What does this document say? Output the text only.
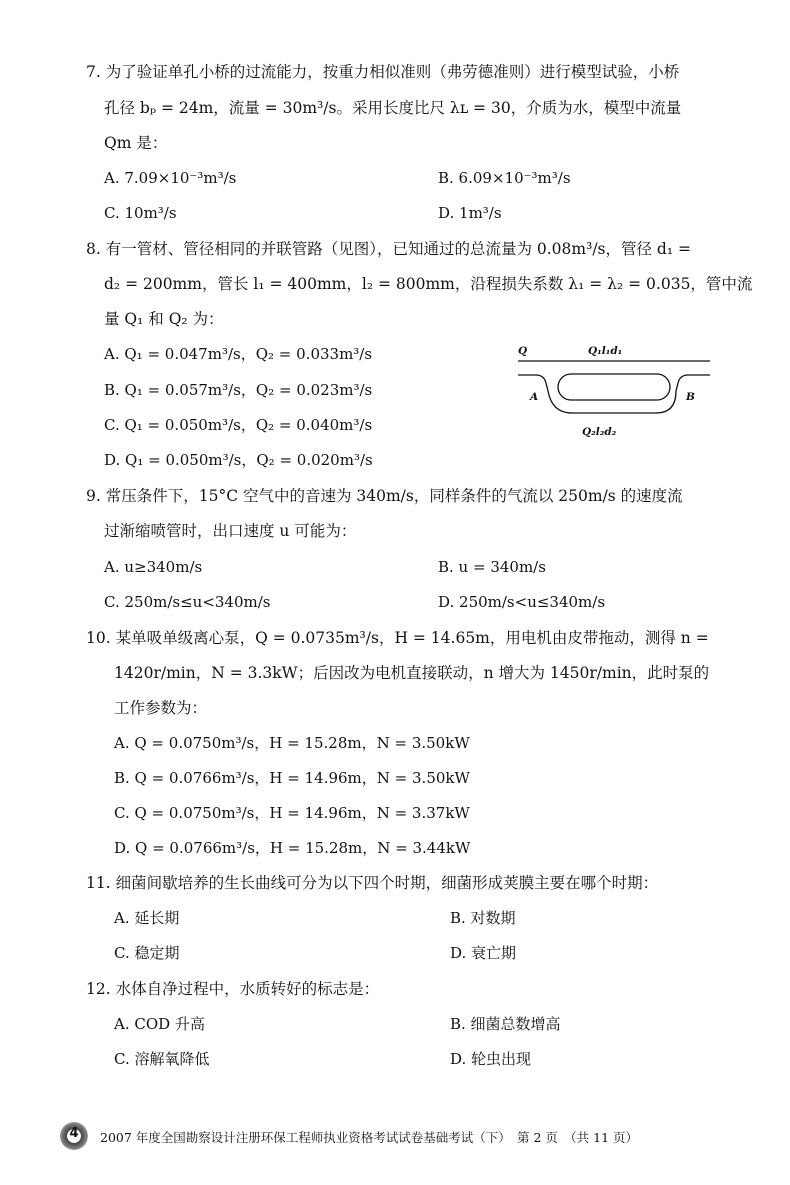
7. 为了验证单孔小桥的过流能力，按重力相似准则（弗劳德准则）进行模型试验，小桥
孔径 bₚ = 24m，流量 = 30m³/s。采用长度比尺 λʟ = 30，介质为水，模型中流量
Qm 是：
A. 7.09×10⁻³m³/s	B. 6.09×10⁻³m³/s
C. 10m³/s	D. 1m³/s
8. 有一管材、管径相同的并联管路（见图），已知通过的总流量为 0.08m³/s，管径 d₁ =
d₂ = 200mm，管长 l₁ = 400mm，l₂ = 800mm，沿程损失系数 λ₁ = λ₂ = 0.035，管中流
量 Q₁ 和 Q₂ 为：
A. Q₁ = 0.047m³/s，Q₂ = 0.033m³/s
B. Q₁ = 0.057m³/s，Q₂ = 0.023m³/s
C. Q₁ = 0.050m³/s，Q₂ = 0.040m³/s
D. Q₁ = 0.050m³/s，Q₂ = 0.020m³/s
Q	Q₁l₁d₁
A	B
Q₂l₂d₂
9. 常压条件下，15°C 空气中的音速为 340m/s，同样条件的气流以 250m/s 的速度流
过渐缩喷管时，出口速度 u 可能为：
A. u≥340m/s	B. u = 340m/s
C. 250m/s≤u<340m/s	D. 250m/s<u≤340m/s
10. 某单吸单级离心泵，Q = 0.0735m³/s，H = 14.65m，用电机由皮带拖动，测得 n =
1420r/min，N = 3.3kW；后因改为电机直接联动，n 增大为 1450r/min，此时泵的
工作参数为：
A. Q = 0.0750m³/s，H = 15.28m，N = 3.50kW
B. Q = 0.0766m³/s，H = 14.96m，N = 3.50kW
C. Q = 0.0750m³/s，H = 14.96m，N = 3.37kW
D. Q = 0.0766m³/s，H = 15.28m，N = 3.44kW
11. 细菌间歇培养的生长曲线可分为以下四个时期，细菌形成荚膜主要在哪个时期：
A. 延长期	B. 对数期
C. 稳定期	D. 衰亡期
12. 水体自净过程中，水质转好的标志是：
A. COD 升高	B. 细菌总数增高
C. 溶解氧降低	D. 轮虫出现
4	2007 年度全国勘察设计注册环保工程师执业资格考试试卷基础考试（下）　第 2 页　（共 11 页）
